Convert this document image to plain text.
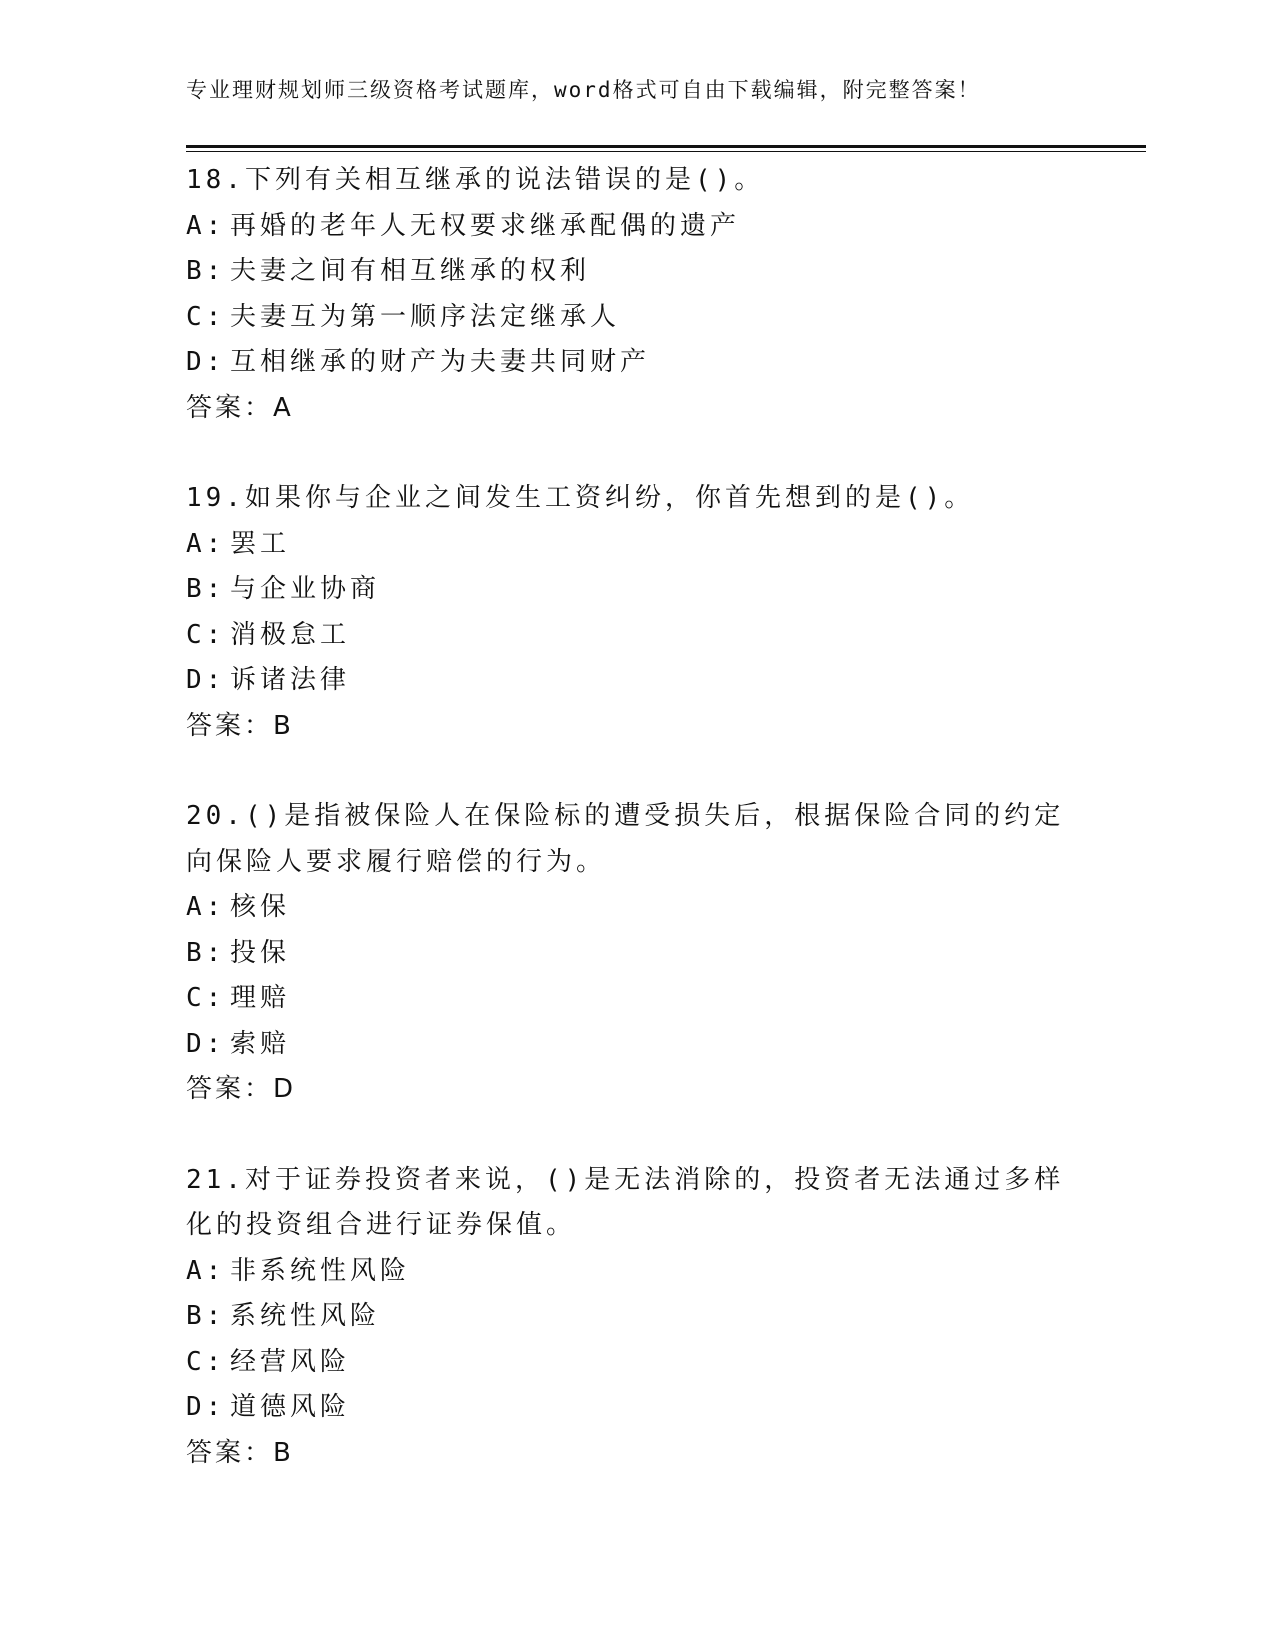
专业理财规划师三级资格考试题库，word格式可自由下载编辑，附完整答案！
18.下列有关相互继承的说法错误的是()。
A: 再婚的老年人无权要求继承配偶的遗产
B: 夫妻之间有相互继承的权利
C: 夫妻互为第一顺序法定继承人
D: 互相继承的财产为夫妻共同财产
答案：A
19.如果你与企业之间发生工资纠纷，你首先想到的是()。
A: 罢工
B: 与企业协商
C: 消极怠工
D: 诉诸法律
答案：B
20.()是指被保险人在保险标的遭受损失后，根据保险合同的约定向保险人要求履行赔偿的行为。
A: 核保
B: 投保
C: 理赔
D: 索赔
答案：D
21.对于证券投资者来说，()是无法消除的，投资者无法通过多样化的投资组合进行证券保值。
A: 非系统性风险
B: 系统性风险
C: 经营风险
D: 道德风险
答案：B
